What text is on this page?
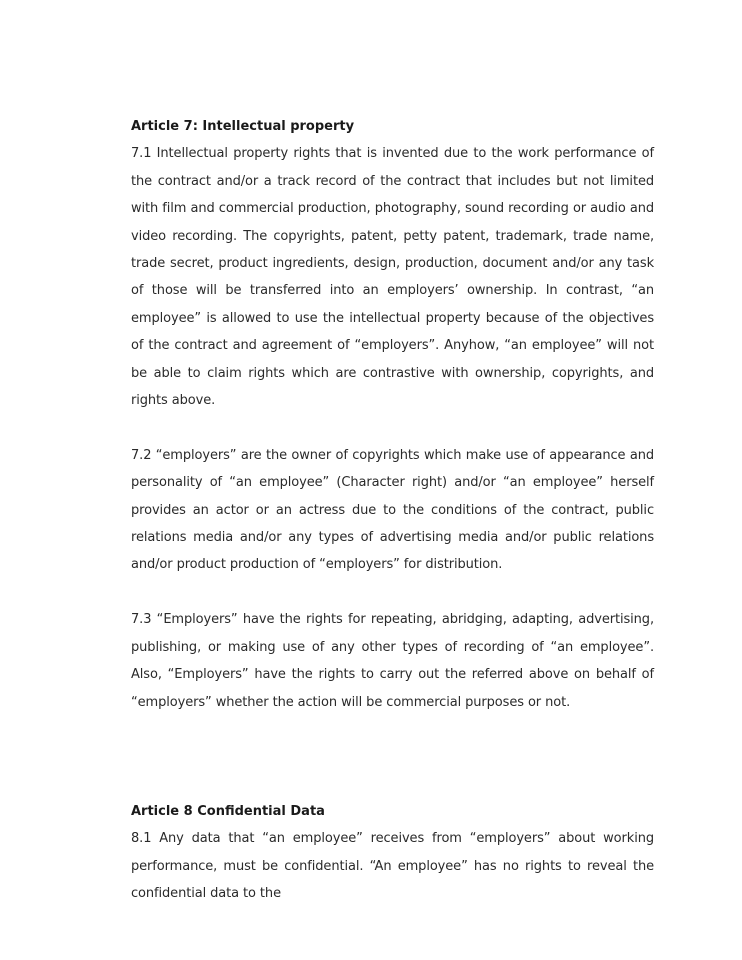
Article 7: Intellectual property

7.1 Intellectual property rights that is invented due to the work performance of the contract and/or a track record of the contract that includes but not limited with film and commercial production, photography, sound recording or audio and video recording. The copyrights, patent, petty patent, trademark, trade name, trade secret, product ingredients, design, production, document and/or any task of those will be transferred into an employers’ ownership. In contrast, “an employee” is allowed to use the intellectual property because of the objectives of the contract and agreement of “employers”. Anyhow, “an employee” will not be able to claim rights which are contrastive with ownership, copyrights, and rights above.

7.2 “employers” are the owner of copyrights which make use of appearance and personality of “an employee” (Character right) and/or “an employee” herself provides an actor or an actress due to the conditions of the contract, public relations media and/or any types of advertising media and/or public relations and/or product production of “employers” for distribution.

7.3 “Employers” have the rights for repeating, abridging, adapting, advertising, publishing, or making use of any other types of recording of “an employee”. Also, “Employers” have the rights to carry out the referred above on behalf of “employers” whether the action will be commercial purposes or not.

Article 8 Confidential Data

8.1 Any data that “an employee” receives from “employers” about working performance, must be confidential. “An employee” has no rights to reveal the confidential data to the
